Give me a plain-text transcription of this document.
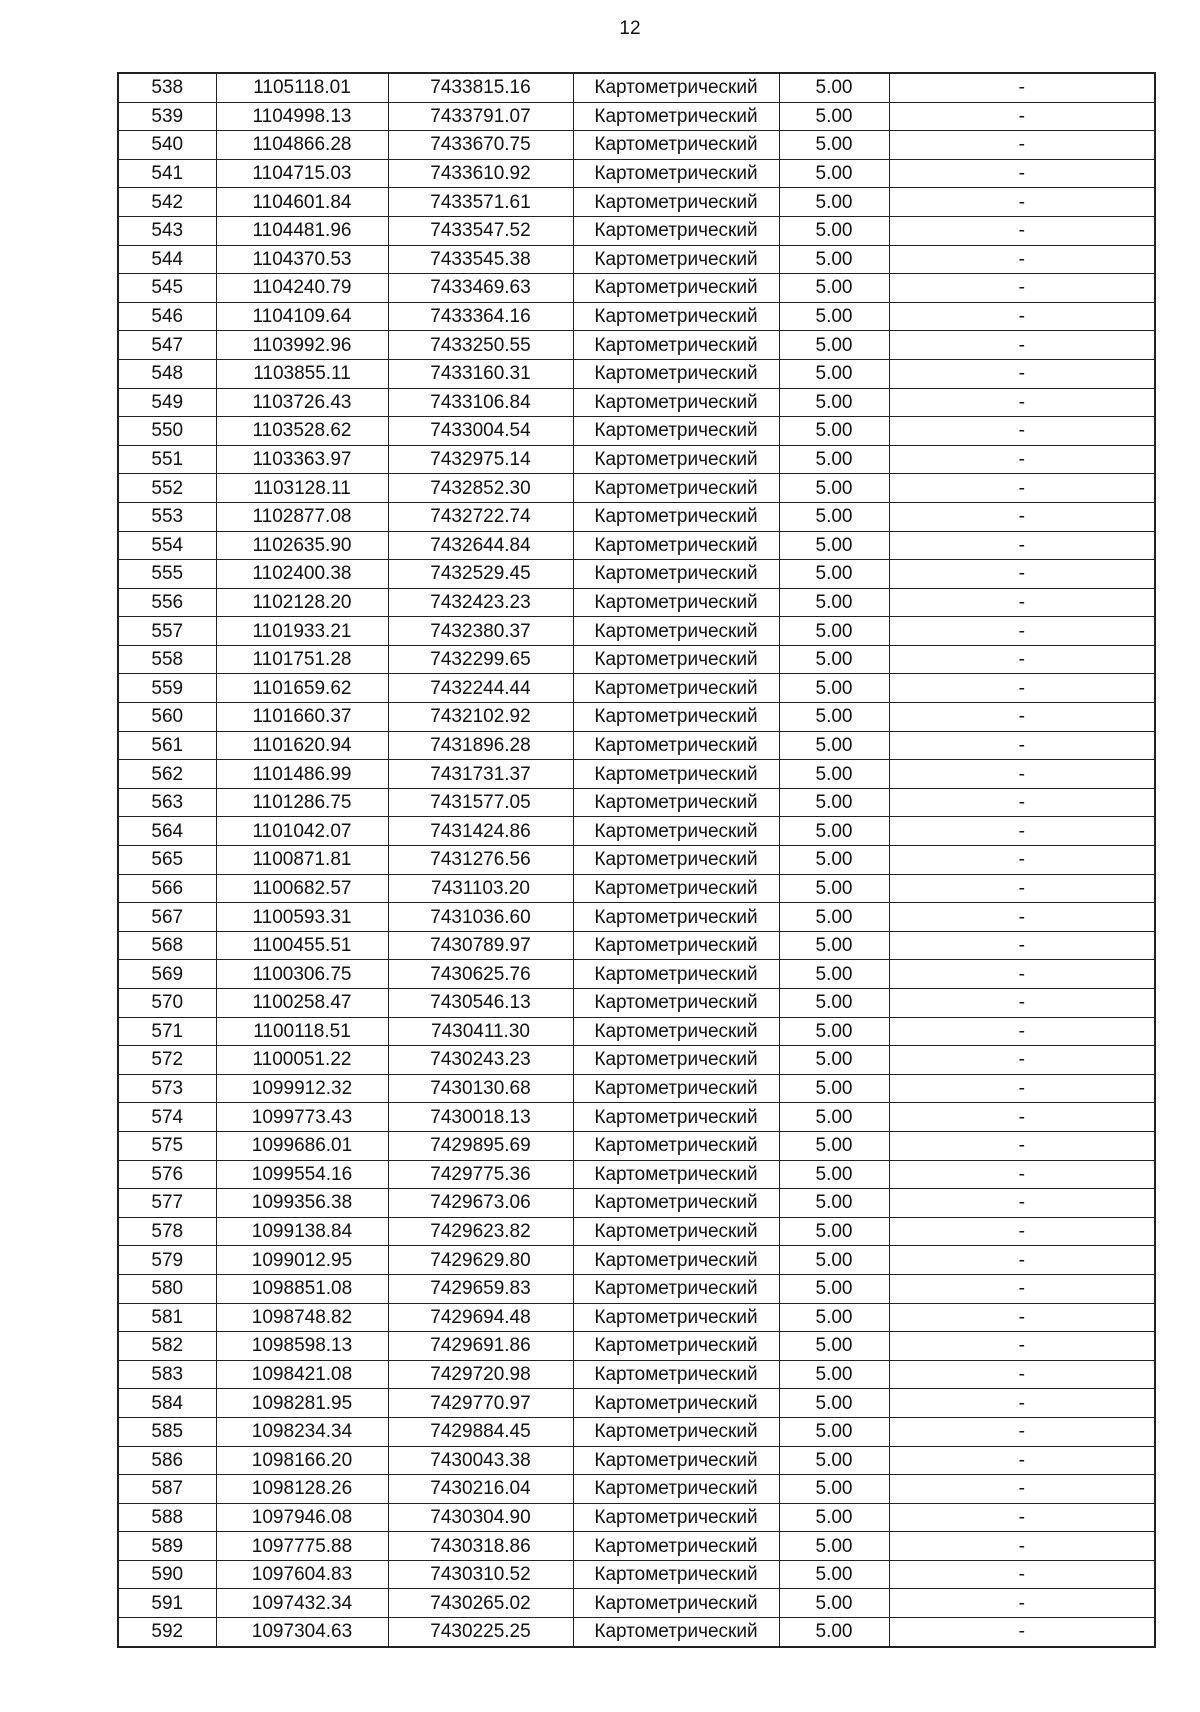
12
538	1105118.01	7433815.16	Картометрический	5.00	-
539	1104998.13	7433791.07	Картометрический	5.00	-
540	1104866.28	7433670.75	Картометрический	5.00	-
541	1104715.03	7433610.92	Картометрический	5.00	-
542	1104601.84	7433571.61	Картометрический	5.00	-
543	1104481.96	7433547.52	Картометрический	5.00	-
544	1104370.53	7433545.38	Картометрический	5.00	-
545	1104240.79	7433469.63	Картометрический	5.00	-
546	1104109.64	7433364.16	Картометрический	5.00	-
547	1103992.96	7433250.55	Картометрический	5.00	-
548	1103855.11	7433160.31	Картометрический	5.00	-
549	1103726.43	7433106.84	Картометрический	5.00	-
550	1103528.62	7433004.54	Картометрический	5.00	-
551	1103363.97	7432975.14	Картометрический	5.00	-
552	1103128.11	7432852.30	Картометрический	5.00	-
553	1102877.08	7432722.74	Картометрический	5.00	-
554	1102635.90	7432644.84	Картометрический	5.00	-
555	1102400.38	7432529.45	Картометрический	5.00	-
556	1102128.20	7432423.23	Картометрический	5.00	-
557	1101933.21	7432380.37	Картометрический	5.00	-
558	1101751.28	7432299.65	Картометрический	5.00	-
559	1101659.62	7432244.44	Картометрический	5.00	-
560	1101660.37	7432102.92	Картометрический	5.00	-
561	1101620.94	7431896.28	Картометрический	5.00	-
562	1101486.99	7431731.37	Картометрический	5.00	-
563	1101286.75	7431577.05	Картометрический	5.00	-
564	1101042.07	7431424.86	Картометрический	5.00	-
565	1100871.81	7431276.56	Картометрический	5.00	-
566	1100682.57	7431103.20	Картометрический	5.00	-
567	1100593.31	7431036.60	Картометрический	5.00	-
568	1100455.51	7430789.97	Картометрический	5.00	-
569	1100306.75	7430625.76	Картометрический	5.00	-
570	1100258.47	7430546.13	Картометрический	5.00	-
571	1100118.51	7430411.30	Картометрический	5.00	-
572	1100051.22	7430243.23	Картометрический	5.00	-
573	1099912.32	7430130.68	Картометрический	5.00	-
574	1099773.43	7430018.13	Картометрический	5.00	-
575	1099686.01	7429895.69	Картометрический	5.00	-
576	1099554.16	7429775.36	Картометрический	5.00	-
577	1099356.38	7429673.06	Картометрический	5.00	-
578	1099138.84	7429623.82	Картометрический	5.00	-
579	1099012.95	7429629.80	Картометрический	5.00	-
580	1098851.08	7429659.83	Картометрический	5.00	-
581	1098748.82	7429694.48	Картометрический	5.00	-
582	1098598.13	7429691.86	Картометрический	5.00	-
583	1098421.08	7429720.98	Картометрический	5.00	-
584	1098281.95	7429770.97	Картометрический	5.00	-
585	1098234.34	7429884.45	Картометрический	5.00	-
586	1098166.20	7430043.38	Картометрический	5.00	-
587	1098128.26	7430216.04	Картометрический	5.00	-
588	1097946.08	7430304.90	Картометрический	5.00	-
589	1097775.88	7430318.86	Картометрический	5.00	-
590	1097604.83	7430310.52	Картометрический	5.00	-
591	1097432.34	7430265.02	Картометрический	5.00	-
592	1097304.63	7430225.25	Картометрический	5.00	-
